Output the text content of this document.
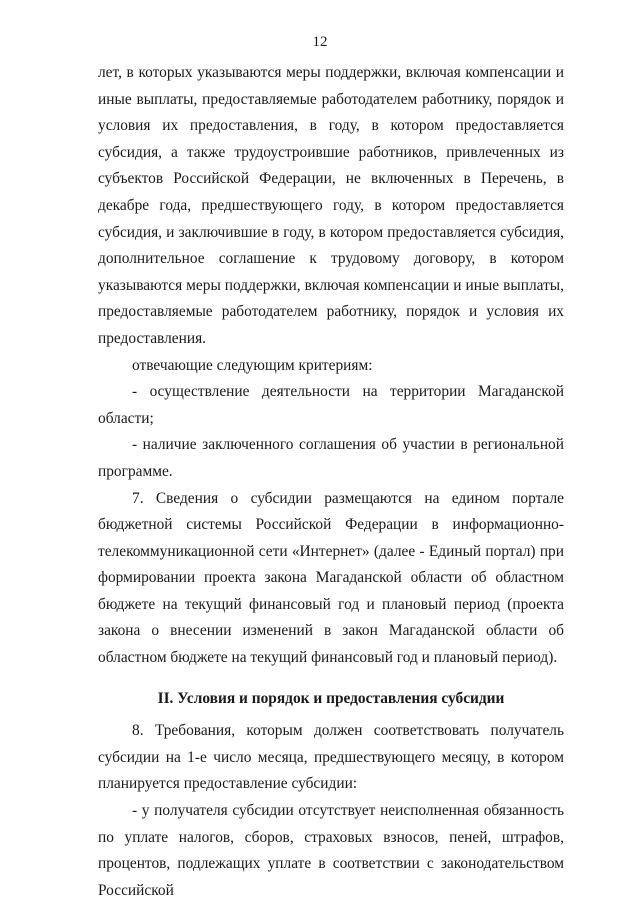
12

лет, в которых указываются меры поддержки, включая компенсации и иные выплаты, предоставляемые работодателем работнику, порядок и условия их предоставления, в году, в котором предоставляется субсидия, а также трудоустроившие работников, привлеченных из субъектов Российской Федерации, не включенных в Перечень, в декабре года, предшествующего году, в котором предоставляется субсидия, и заключившие в году, в котором предоставляется субсидия, дополнительное соглашение к трудовому договору, в котором указываются меры поддержки, включая компенсации и иные выплаты, предоставляемые работодателем работнику, порядок и условия их предоставления.

отвечающие следующим критериям:

- осуществление деятельности на территории Магаданской области;

- наличие заключенного соглашения об участии в региональной программе.

7. Сведения о субсидии размещаются на едином портале бюджетной системы Российской Федерации в информационно-телекоммуникационной сети «Интернет» (далее - Единый портал) при формировании проекта закона Магаданской области об областном бюджете на текущий финансовый год и плановый период (проекта закона о внесении изменений в закон Магаданской области об областном бюджете на текущий финансовый год и плановый период).

II. Условия и порядок и предоставления субсидии

8. Требования, которым должен соответствовать получатель субсидии на 1-е число месяца, предшествующего месяцу, в котором планируется предоставление субсидии:

- у получателя субсидии отсутствует неисполненная обязанность по уплате налогов, сборов, страховых взносов, пеней, штрафов, процентов, подлежащих уплате в соответствии с законодательством Российской
